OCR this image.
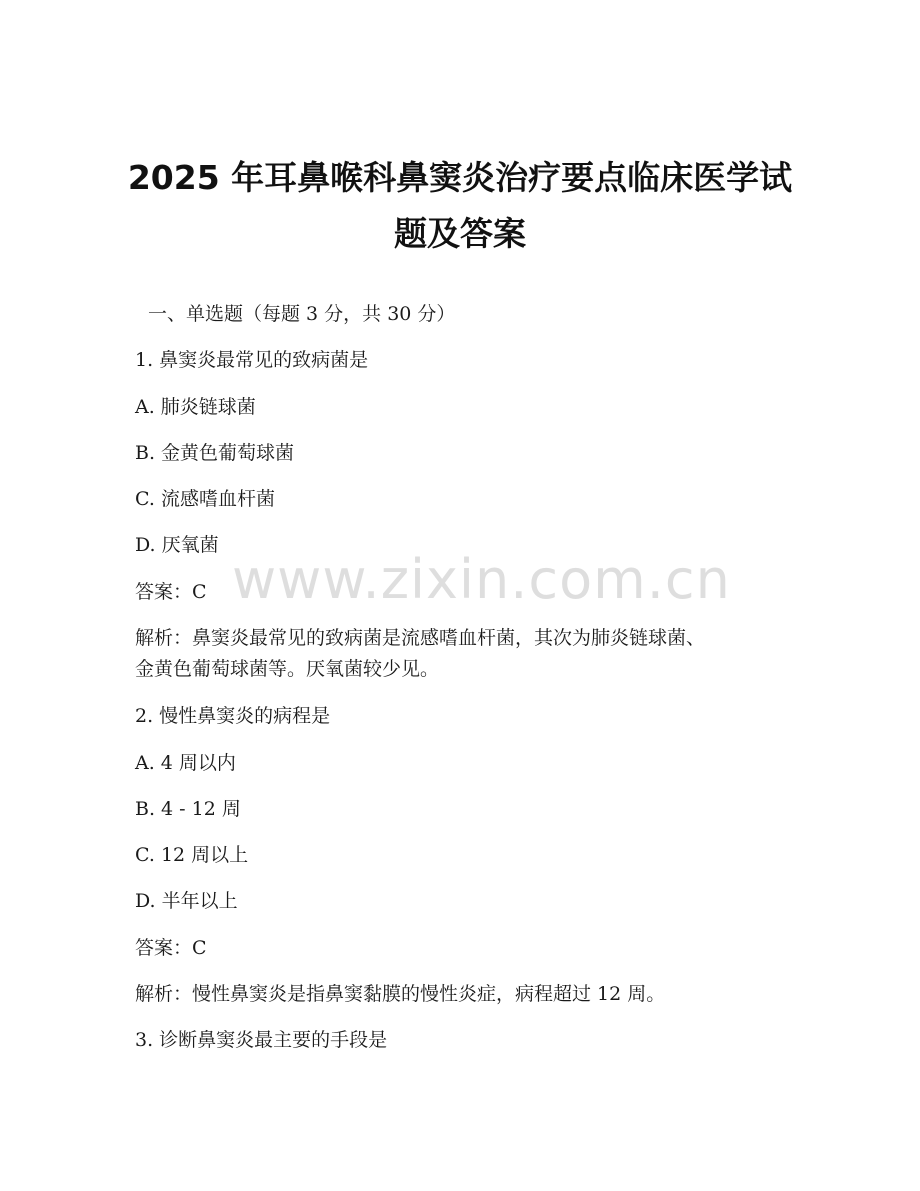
2025 年耳鼻喉科鼻窦炎治疗要点临床医学试
题及答案

一、单选题（每题 3 分，共 30 分）

1. 鼻窦炎最常见的致病菌是

A. 肺炎链球菌

B. 金黄色葡萄球菌

C. 流感嗜血杆菌

D. 厌氧菌

答案：C

解析：鼻窦炎最常见的致病菌是流感嗜血杆菌，其次为肺炎链球菌、

金黄色葡萄球菌等。厌氧菌较少见。

2. 慢性鼻窦炎的病程是

A. 4 周以内

B. 4 - 12 周

C. 12 周以上

D. 半年以上

答案：C

解析：慢性鼻窦炎是指鼻窦黏膜的慢性炎症，病程超过 12 周。

3. 诊断鼻窦炎最主要的手段是

www.zixin.com.cn
